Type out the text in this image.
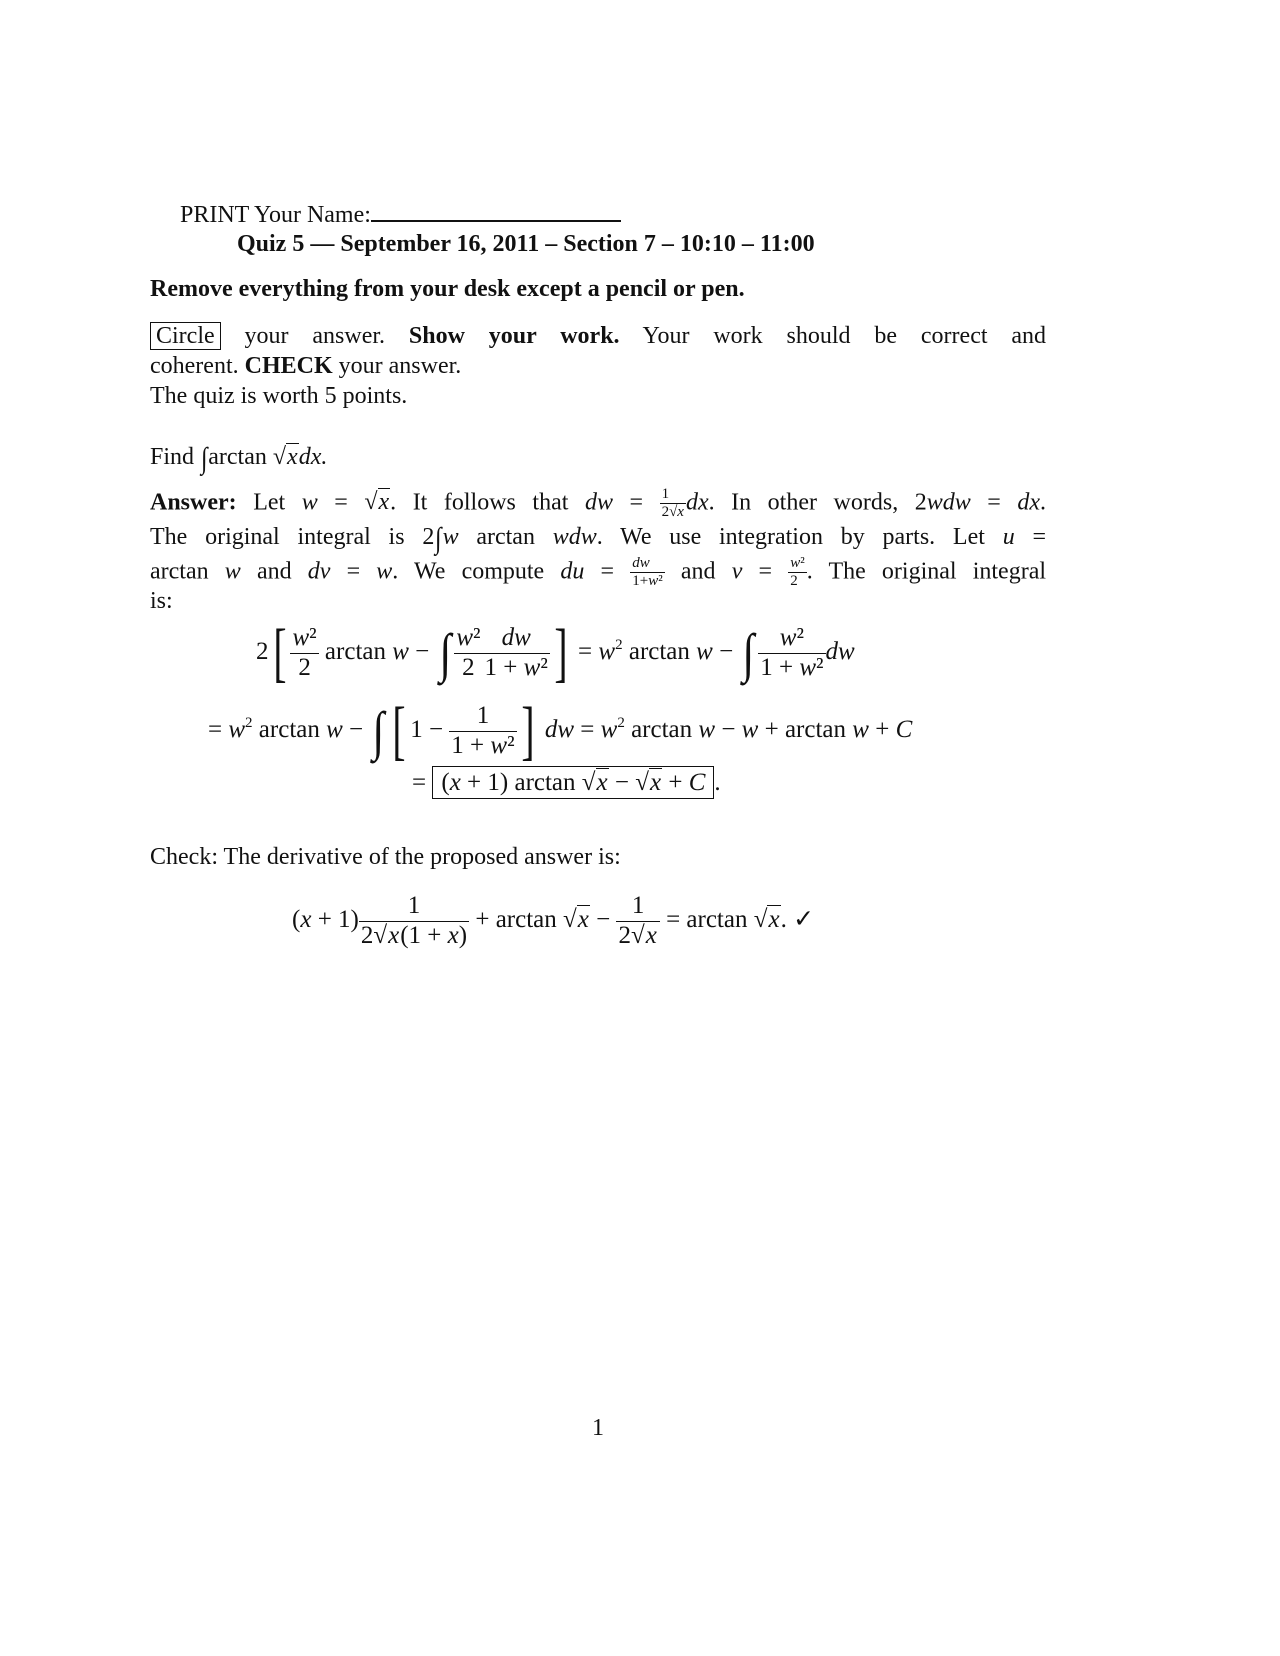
PRINT Your Name:
Quiz 5 — September 16, 2011 – Section 7 – 10:10 – 11:00
Remove everything from your desk except a pencil or pen.
Circle your answer. Show your work. Your work should be correct and
coherent. CHECK your answer.
The quiz is worth 5 points.
Find ∫arctan √xdx.
Answer: Let w = √x. It follows that dw = $\frac{1}{2√x}$ dx. In other words, 2wdw = dx.
The original integral is 2∫w arctan wdw. We use integration by parts. Let u =
arctan w and dv = w. We compute du = $\frac{dw}{\text{1+w²}}$ and $v = \frac{\text{w²}}{2}$ . The original integral
is:
$2[ \frac{\text{w²}}{2}$ arctan w − ∫ $\frac{\text{w²}}{2} \frac{dw}{\text{1 + w²}}$ ] = $w^2$ arctan w − ∫ $\frac{\text{w²}}{\text{1 + w²}}$ dw
= $w^2$ arctan w − ∫ [ $1 - \frac{1}{\text{1 + w²}}$ ] dw = $w^2$ arctan w − w + arctan w + C
= (x + 1) arctan √x − √x + C .
Check: The derivative of the proposed answer is:
$(x + 1) \frac{1}{2√x(1 + x)} + \arctan √x - \frac{1}{2√x} = \arctan √x$. ✓
1
